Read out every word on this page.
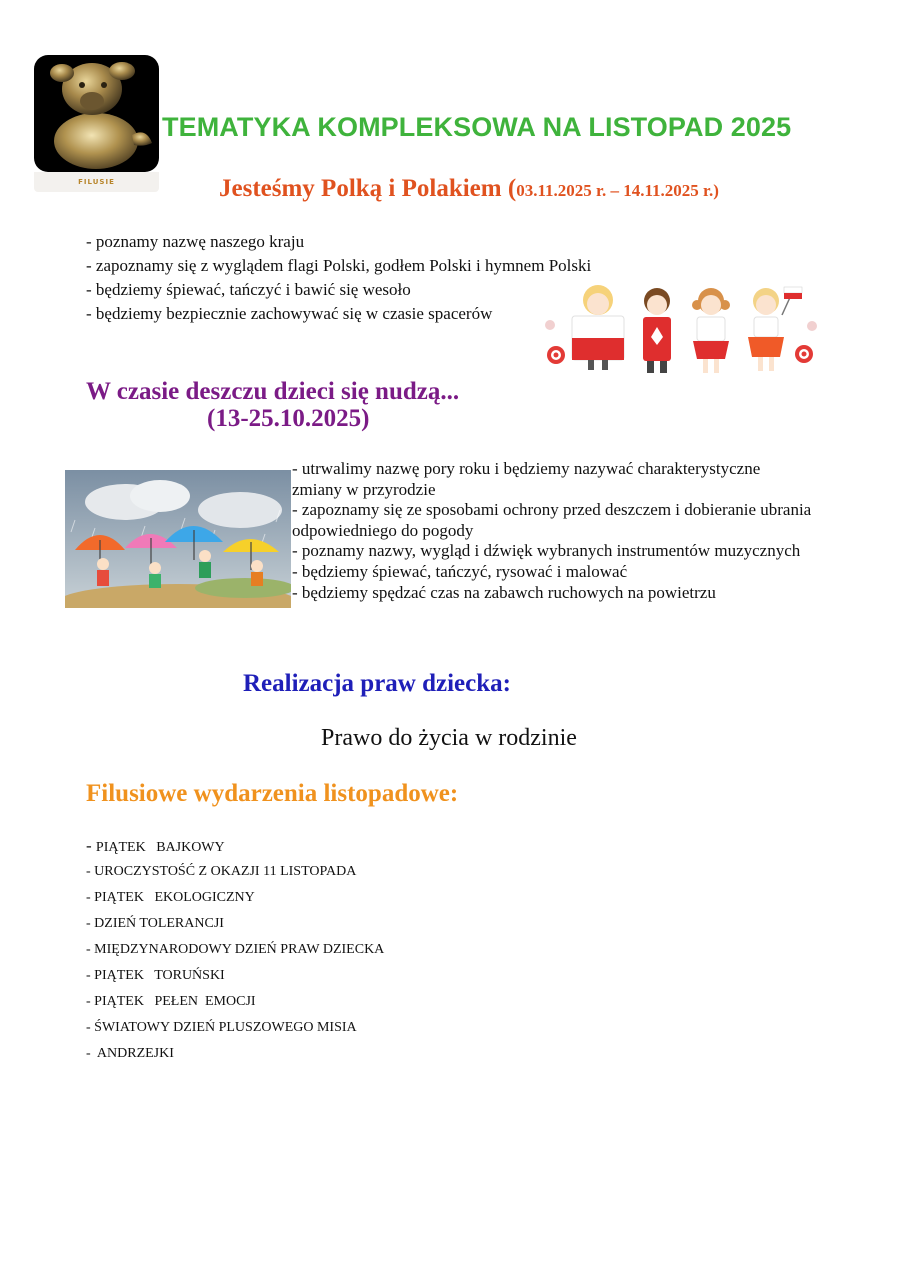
FILUSIE
TEMATYKA KOMPLEKSOWA NA LISTOPAD 2025
Jesteśmy Polką i Polakiem (03.11.2025 r. – 14.11.2025 r.)
- poznamy nazwę naszego kraju
- zapoznamy się z wyglądem flagi Polski, godłem Polski i hymnem Polski
- będziemy śpiewać, tańczyć i bawić się wesoło
- będziemy bezpiecznie zachowywać się w czasie spacerów
W czasie deszczu dzieci się nudzą...
(13-25.10.2025)
- utrwalimy nazwę pory roku i będziemy nazywać charakterystyczne zmiany w przyrodzie
- zapoznamy się ze sposobami ochrony przed deszczem i dobieranie ubrania odpowiedniego do pogody
- poznamy nazwy, wygląd i dźwięk wybranych instrumentów muzycznych
- będziemy śpiewać, tańczyć, rysować i malować
- będziemy spędzać czas na zabawch ruchowych na powietrzu
Realizacja praw dziecka:
Prawo do życia w rodzinie
Filusiowe wydarzenia listopadowe:
- PIĄTEK   BAJKOWY
- UROCZYSTOŚĆ Z OKAZJI 11 LISTOPADA
- PIĄTEK   EKOLOGICZNY
- DZIEŃ TOLERANCJI
- MIĘDZYNARODOWY DZIEŃ PRAW DZIECKA
- PIĄTEK   TORUŃSKI
- PIĄTEK   PEŁEN  EMOCJI
- ŚWIATOWY DZIEŃ PLUSZOWEGO MISIA
-  ANDRZEJKI
